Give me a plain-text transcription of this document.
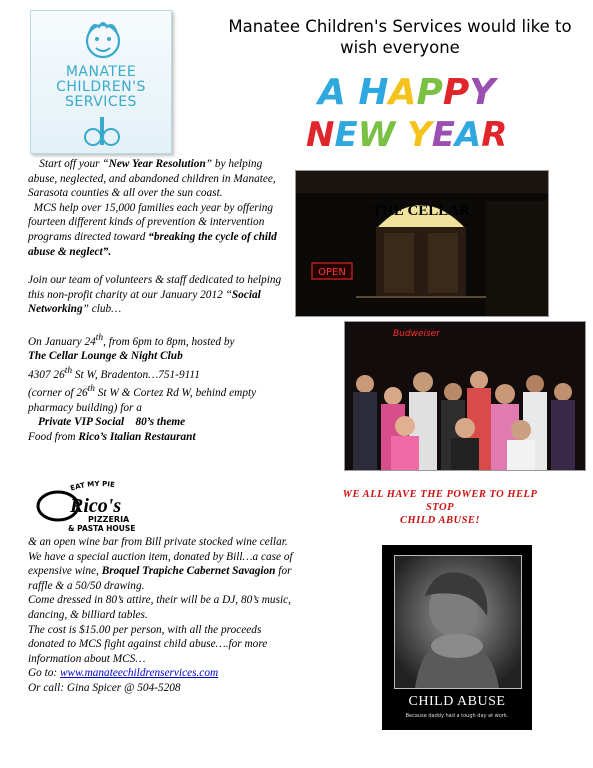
MANATEE
CHILDREN'S
SERVICES
Manatee Children's Services would like to
wish everyone
A HAPPY
NEW YEAR

Start off your “New Year Resolution” by helping abuse, neglected, and abandoned children in Manatee, Sarasota counties & all over the sun coast.

MCS help over 15,000 families each year by offering fourteen different kinds of prevention & intervention programs directed toward “breaking the cycle of child abuse & neglect”.

Join our team of volunteers & staff dedicated to helping this non-profit charity at our January 2012 “Social Networking” club…

On January 24th, from 6pm to 8pm, hosted by

The Cellar Lounge & Night Club

4307 26th St W, Bradenton…751-9111

(corner of 26th St W & Cortez Rd W, behind empty pharmacy building) for a

Private VIP Social 80’s theme

Food from Rico’s Italian Restaurant

EAT MY PIE
Rico's
PIZZERIA
& PASTA HOUSE

& an open wine bar from Bill private stocked wine cellar.

We have a special auction item, donated by Bill…a case of expensive wine, Broquel Trapiche Cabernet Savagion for raffle & a 50/50 drawing.

Come dressed in 80’s attire, their will be a DJ, 80’s music, dancing, & billiard tables.

The cost is $15.00 per person, with all the proceeds donated to MCS fight against child abuse….for more information about MCS…

Go to: www.manateechildrenservices.com

Or call: Gina Spicer @ 504-5208

THE CELLAR
OPEN
Budweiser
WE ALL HAVE THE POWER TO HELP
STOP
CHILD ABUSE!
CHILD ABUSE
Because daddy had a tough day at work.
